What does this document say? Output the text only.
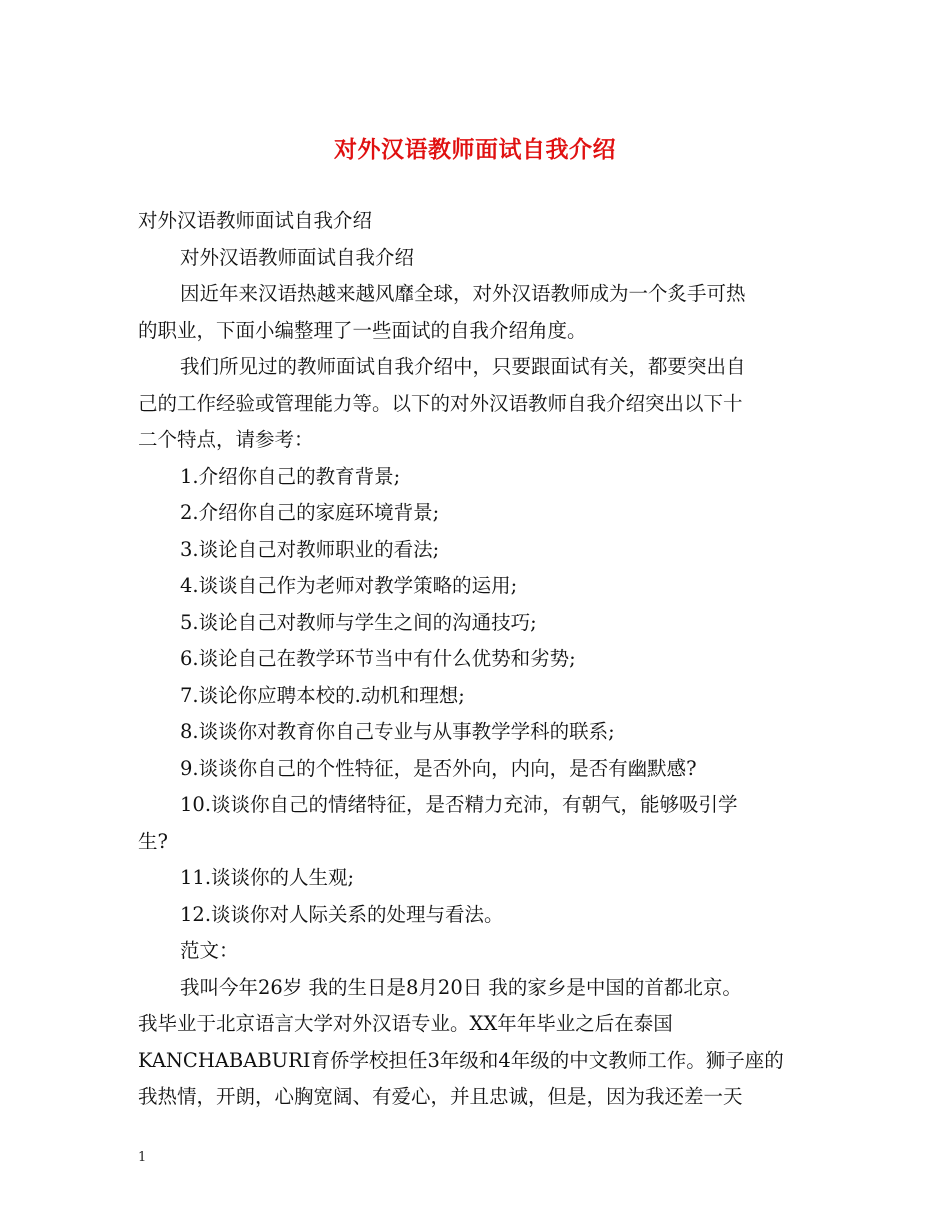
对外汉语教师面试自我介绍

对外汉语教师面试自我介绍

对外汉语教师面试自我介绍

因近年来汉语热越来越风靡全球，对外汉语教师成为一个炙手可热

的职业，下面小编整理了一些面试的自我介绍角度。

我们所见过的教师面试自我介绍中，只要跟面试有关，都要突出自

己的工作经验或管理能力等。以下的对外汉语教师自我介绍突出以下十

二个特点，请参考：

1.介绍你自己的教育背景;

2.介绍你自己的家庭环境背景;

3.谈论自己对教师职业的看法;

4.谈谈自己作为老师对教学策略的运用;

5.谈论自己对教师与学生之间的沟通技巧;

6.谈论自己在教学环节当中有什么优势和劣势;

7.谈论你应聘本校的.动机和理想;

8.谈谈你对教育你自己专业与从事教学学科的联系;

9.谈谈你自己的个性特征，是否外向，内向，是否有幽默感?

10.谈谈你自己的情绪特征，是否精力充沛，有朝气，能够吸引学

生?

11.谈谈你的人生观;

12.谈谈你对人际关系的处理与看法。

范文：

我叫今年26岁 我的生日是8月20日 我的家乡是中国的首都北京。

我毕业于北京语言大学对外汉语专业。XX年年毕业之后在泰国

KANCHABABURI育侨学校担任3年级和4年级的中文教师工作。狮子座的

我热情，开朗，心胸宽阔、有爱心，并且忠诚，但是，因为我还差一天

1
